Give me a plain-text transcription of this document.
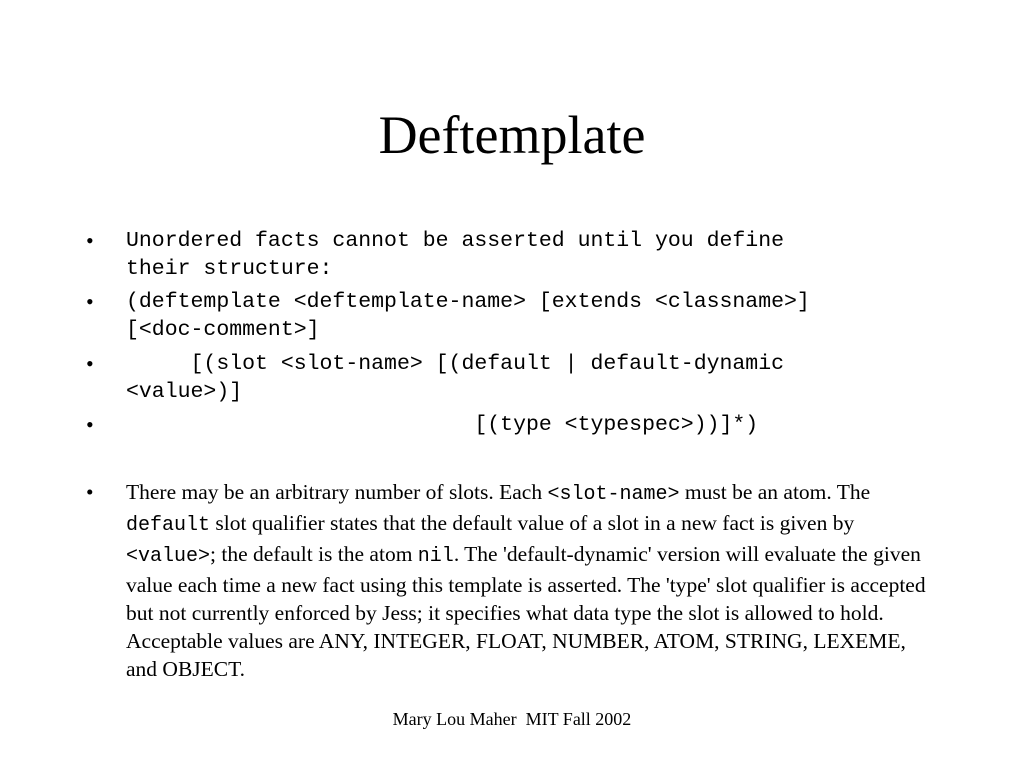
Deftemplate
•	Unordered facts cannot be asserted until you define
their structure:
•	(deftemplate <deftemplate-name> [extends <classname>]
[<doc-comment>]
•	[(slot <slot-name> [(default | default-dynamic
<value>)]
•	[(type <typespec>))]*)
•	There may be an arbitrary number of slots. Each <slot-name> must be an atom. The default slot qualifier states that the default value of a slot in a new fact is given by <value>; the default is the atom nil. The 'default-dynamic' version will evaluate the given value each time a new fact using this template is asserted. The 'type' slot qualifier is accepted but not currently enforced by Jess; it specifies what data type the slot is allowed to hold. Acceptable values are ANY, INTEGER, FLOAT, NUMBER, ATOM, STRING, LEXEME, and OBJECT.
Mary Lou Maher  MIT Fall 2002
